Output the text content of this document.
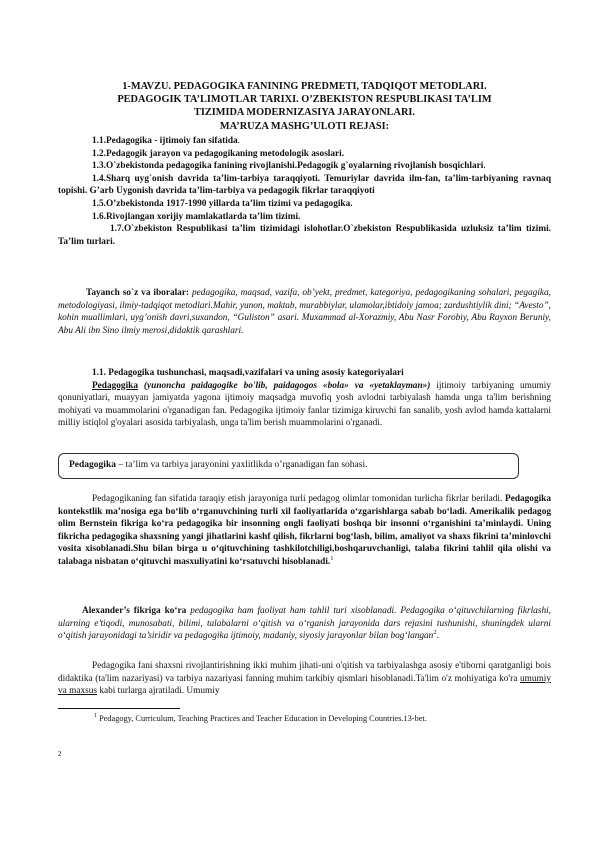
1-MAVZU. PEDAGOGIKA FANINING PREDMETI, TADQIQOT METODLARI.
PEDAGOGIK TA’LIMOTLAR TARIXI. O’ZBEKISTON RESPUBLIKASI TA’LIM
TIZIMIDA MODERNIZASIYA JARAYONLARI.
MA’RUZA MASHG’ULOTI REJASI:
1.1.Pedagogika - ijtimoiy fan sifatida.
1.2.Pedagogik jarayon va pedagogikaning metodologik asoslari.
1.3.O`zbekistonda pedagogika fanining rivojlanishi.Pedagogik g`oyalarning rivojlanish bosqichlari.
1.4.Sharq uyg`onish davrida ta’lim-tarbiya taraqqiyoti. Temuriylar davrida ilm-fan, ta’lim-tarbiyaning ravnaq topishi. G’arb Uygonish davrida ta’lim-tarbiya va pedagogik fikrlar taraqqiyoti
1.5.O’zbekistonda 1917-1990 yillarda ta’lim tizimi va pedagogika.
1.6.Rivojlangan xorijiy mamlakatlarda ta’lim tizimi.
1.7.O`zbekiston Respublikasi ta’lim tizimidagi islohotlar.O`zbekiston Respublikasida uzluksiz ta’lim tizimi. Ta’lim turlari.
Tayanch so`z va iboralar: pedagogika, maqsad, vazifa, ob’yekt, predmet, kategoriya, pedagogikaning sohalari, pegagika, metodologiyasi, ilmiy-tadqiqot metodlari.Mahir, yunon, maktab, murabbiylar, ulamolar,ibtidoiy jamoa; zardushtiylik dini; “Avesto”, kohin muallimlari, uyg’onish davri,suxandon, “Guliston” asari. Muxammad al-Xorazmiy, Abu Nasr Forobiy, Abu Rayxon Beruniy, Abu Ali ibn Sino ilmiy merosi,didaktik qarashlari.
1.1. Pedagogika tushunchasi, maqsadi,vazifalari va uning asosiy kategoriyalari
Pedagogika (yunoncha paidagogike bo'lib, paidagogos «bola» va «yetaklayman») ijtimoiy tarbiyaning umumiy qonuniyatlari, muayyan jamiyatda yagona ijtimoiy maqsadga muvofiq yosh avlodni tarbiyalash hamda unga ta'lim berishning mohiyati va muammolarini o'rganadigan fan. Pedagogika ijtimoiy fanlar tizimiga kiruvchi fan sanalib, yosh avlod hamda kattalarni milliy istiqlol g'oyalari asosida tarbiyalash, unga ta'lim berish muammolarini o'rganadi.
Pedagogika – ta’lim va tarbiya jarayonini yaxlitlikda o’rganadigan fan sohasi.
Pedagogikaning fan sifatida taraqiy etish jarayoniga turli pedagog olimlar tomonidan turlicha fikrlar beriladi. Pedagogika kontekstlik ma’nosiga ega bo‘lib o‘rganuvchining turli xil faoliyatlarida o‘zgarishlarga sabab bo‘ladi. Amerikalik pedagog olim Bernstein fikriga ko‘ra pedagogika bir insonning ongli faoliyati boshqa bir insonni o‘rganishini ta’minlaydi. Uning fikricha pedagogika shaxsning yangi jihatlarini kashf qilish, fikrlarni bog‘lash, bilim, amaliyot va shaxs fikrini ta’minlovchi vosita xisoblanadi.Shu bilan birga u o‘qituvchining tashkilotchiligi,boshqaruvchanligi, talaba fikrini tahlil qila olishi va talabaga nisbatan o‘qituvchi masxuliyatini ko‘rsatuvchi hisoblanadi.$^1$
Alexander’s fikriga ko‘ra pedagogika ham faoliyat ham tahlil turi xisoblanadi. Pedagogika o‘qituvchilarning fikrlashi, ularning e’tiqodi, munosabati, bilimi, talabalarni o‘qitish va o‘rganish jarayonida dars rejasini tushunishi, shuningdek ularni o‘qitish jarayonidagi ta’siridir va pedagogika ijtimoiy, madaniy, siyosiy jarayonlar bilan bog‘langan$^2$.
Pedagogika fani shaxsni rivojlantirishning ikki muhim jihati-uni o'qitish va tarbiyalashga asosiy e'tiborni qaratganligi bois didaktika (ta'lim nazariyasi) va tarbiya nazariyasi fanning muhim tarkibiy qismlari hisoblanadi.Ta'lim o'z mohiyatiga ko'ra umumiy va maxsus kabi turlarga ajratiladi. Umumiy
$^1$ Pedagogy, Curriculum, Teaching Practices and Teacher Education in Developing Countries.13-bet.
2
